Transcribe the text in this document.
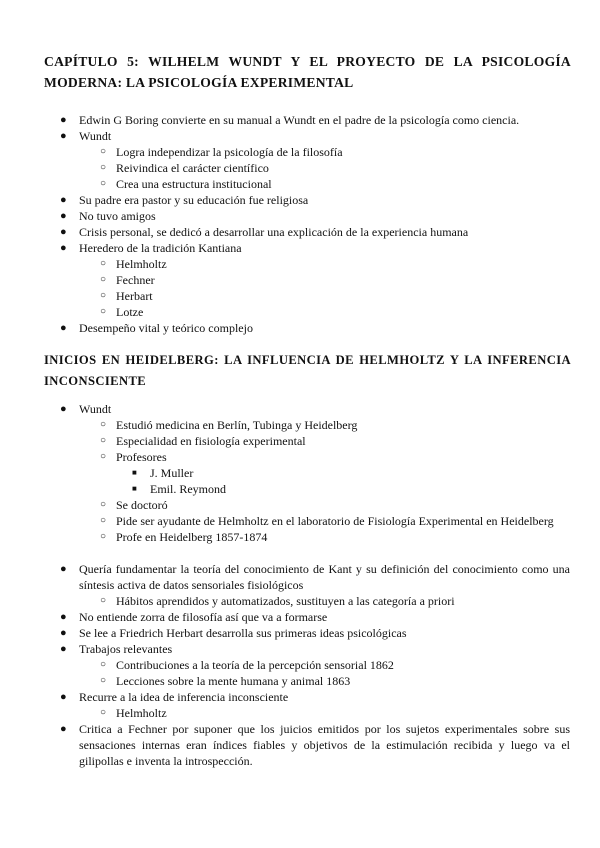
CAPÍTULO 5: WILHELM WUNDT Y EL PROYECTO DE LA PSICOLOGÍA
MODERNA: LA PSICOLOGÍA EXPERIMENTAL
● Edwin G Boring convierte en su manual a Wundt en el padre de la psicología como ciencia.
● Wundt
○ Logra independizar la psicología de la filosofía
○ Reivindica el carácter científico
○ Crea una estructura institucional
● Su padre era pastor y su educación fue religiosa
● No tuvo amigos
● Crisis personal, se dedicó a desarrollar una explicación de la experiencia humana
● Heredero de la tradición Kantiana
○ Helmholtz
○ Fechner
○ Herbart
○ Lotze
● Desempeño vital y teórico complejo
INICIOS EN HEIDELBERG: LA INFLUENCIA DE HELMHOLTZ Y LA INFERENCIA
INCONSCIENTE
● Wundt
○ Estudió medicina en Berlín, Tubinga y Heidelberg
○ Especialidad en fisiología experimental
○ Profesores
■ J. Muller
■ Emil. Reymond
○ Se doctoró
○ Pide ser ayudante de Helmholtz en el laboratorio de Fisiología Experimental en Heidelberg
○ Profe en Heidelberg 1857-1874
● Quería fundamentar la teoría del conocimiento de Kant y su definición del conocimiento como una
síntesis activa de datos sensoriales fisiológicos
○ Hábitos aprendidos y automatizados, sustituyen a las categoría a priori
● No entiende zorra de filosofía así que va a formarse
● Se lee a Friedrich Herbart desarrolla sus primeras ideas psicológicas
● Trabajos relevantes
○ Contribuciones a la teoría de la percepción sensorial 1862
○ Lecciones sobre la mente humana y animal 1863
● Recurre a la idea de inferencia inconsciente
○ Helmholtz
● Critica a Fechner por suponer que los juicios emitidos por los sujetos experimentales sobre sus
sensaciones internas eran índices fiables y objetivos de la estimulación recibida y luego va el
gilipollas e inventa la introspección.
